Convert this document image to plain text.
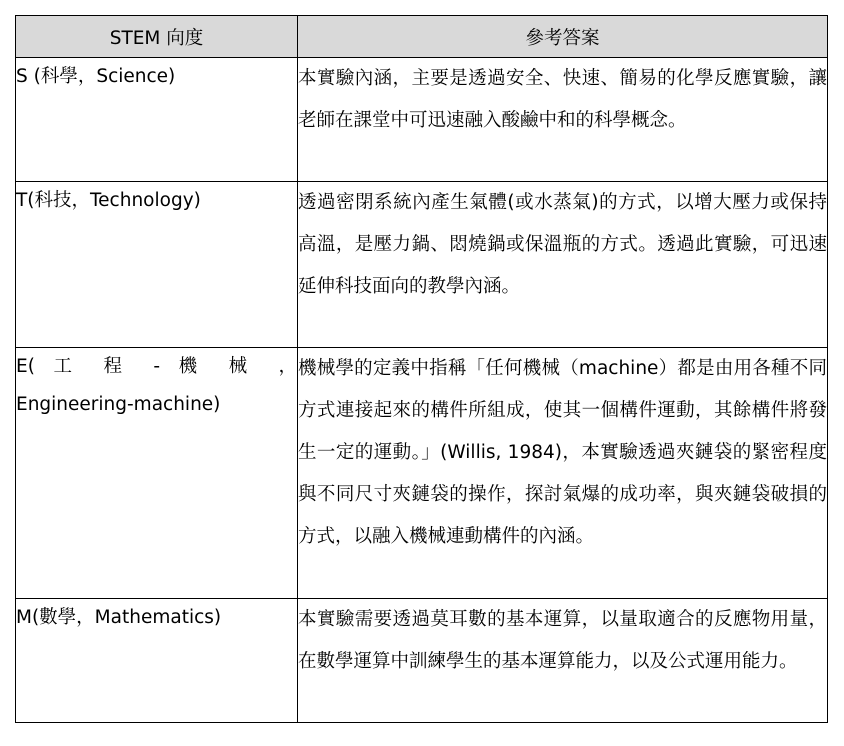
STEM 向度	參考答案

S (科學，Science)	本實驗內涵，主要是透過安全、快速、簡易的化學反應實驗，讓老師在課堂中可迅速融入酸鹼中和的科學概念。

T(科技，Technology)	透過密閉系統內產生氣體(或水蒸氣)的方式，以增大壓力或保持高溫，是壓力鍋、悶燒鍋或保溫瓶的方式。透過此實驗，可迅速延伸科技面向的教學內涵。

E( 工 程 - 機 械 ，

Engineering-machine)	機械學的定義中指稱「任何機械（machine）都是由用各種不同方式連接起來的構件所組成，使其一個構件運動，其餘構件將發生一定的運動。」(Willis, 1984)，本實驗透過夾鏈袋的緊密程度與不同尺寸夾鏈袋的操作，探討氣爆的成功率，與夾鏈袋破損的方式，以融入機械連動構件的內涵。

M(數學，Mathematics)	本實驗需要透過莫耳數的基本運算，以量取適合的反應物用量，在數學運算中訓練學生的基本運算能力，以及公式運用能力。
